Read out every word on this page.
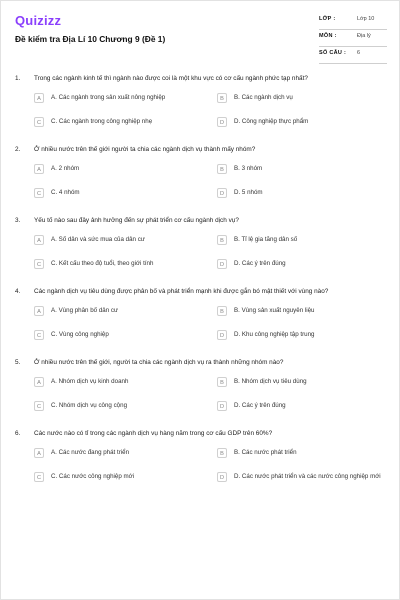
Quizizz
Đề kiểm tra Địa Lí 10 Chương 9 (Đề 1)
LỚP :	Lớp 10
MÔN :	Địa lý
SỐ CÂU : 6
1. Trong các ngành kinh tế thì ngành nào được coi là một khu vực có cơ cấu ngành phức tạp nhất?
A	A. Các ngành trong sản xuất nông nghiệp	B	B. Các ngành dịch vụ
C	C. Các ngành trong công nghiệp nhẹ	D	D. Công nghiệp thực phẩm
2. Ở nhiều nước trên thế giới người ta chia các ngành dịch vụ thành mấy nhóm?
A	A. 2 nhóm	B	B. 3 nhóm
C	C. 4 nhóm	D	D. 5 nhóm
3. Yếu tố nào sau đây ảnh hưởng đến sự phát triển cơ cấu ngành dịch vụ?
A	A. Số dân và sức mua của dân cư	B	B. Tỉ lệ gia tăng dân số
C	C. Kết cấu theo độ tuổi, theo giới tính	D	D. Các ý trên đúng
4. Các ngành dịch vụ tiêu dùng được phân bố và phát triển mạnh khi được gắn bó mật thiết với vùng nào?
A	A. Vùng phân bố dân cư	B	B. Vùng sản xuất nguyên liệu
C	C. Vùng công nghiệp	D	D. Khu công nghiệp tập trung
5. Ở nhiều nước trên thế giới, người ta chia các ngành dịch vụ ra thành những nhóm nào?
A	A. Nhóm dịch vụ kinh doanh	B	B. Nhóm dịch vụ tiêu dùng
C	C. Nhóm dịch vụ công cộng	D	D. Các ý trên đúng
6. Các nước nào có tỉ trong các ngành dịch vụ hàng năm trong cơ cấu GDP trên 60%?
A	A. Các nước đang phát triển	B	B. Các nước phát triển
C	C. Các nước công nghiệp mới	D	D. Các nước phát triển và các nước công nghiệp mới
